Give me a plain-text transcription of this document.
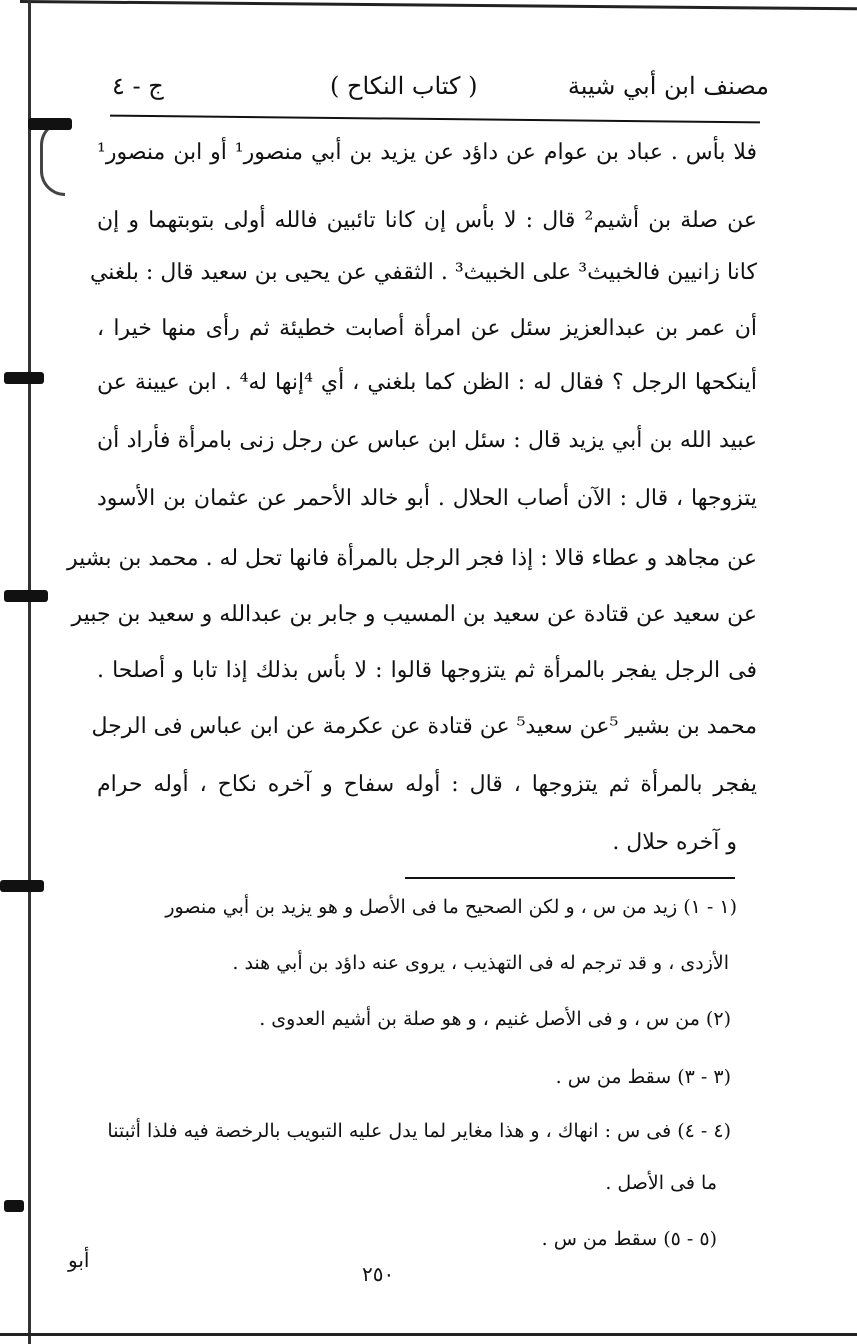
مصنف ابن أبي شيبة
( كتاب النكاح )
ج - ٤
فلا بأس . عباد بن عوام عن داؤد عن يزيد بن أبي منصور¹ أو ابن منصور¹
عن صلة بن أشيم² قال : لا بأس إن كانا تائبين فالله أولى بتوبتهما و إن
كانا زانيين فالخبيث³ على الخبيث³ . الثقفي عن يحيى بن سعيد قال : بلغني
أن عمر بن عبدالعزيز سئل عن امرأة أصابت خطيئة ثم رأى منها خيرا ،
أينكحها الرجل ؟ فقال له : الظن كما بلغني ، أي ⁴إنها له⁴ . ابن عيينة عن
عبيد الله بن أبي يزيد قال : سئل ابن عباس عن رجل زنى بامرأة فأراد أن
يتزوجها ، قال : الآن أصاب الحلال . أبو خالد الأحمر عن عثمان بن الأسود
عن مجاهد و عطاء قالا : إذا فجر الرجل بالمرأة فانها تحل له . محمد بن بشير
عن سعيد عن قتادة عن سعيد بن المسيب و جابر بن عبدالله و سعيد بن جبير
فى الرجل يفجر بالمرأة ثم يتزوجها قالوا : لا بأس بذلك إذا تابا و أصلحا .
محمد بن بشير ⁵عن سعيد⁵ عن قتادة عن عكرمة عن ابن عباس فى الرجل
يفجر بالمرأة ثم يتزوجها ، قال : أوله سفاح و آخره نكاح ، أوله حرام
و آخره حلال .
(١ - ١) زيد من س ، و لكن الصحيح ما فى الأصل و هو يزيد بن أبي منصور
الأزدى ، و قد ترجم له فى التهذيب ، يروى عنه داؤد بن أبي هند .
(٢) من س ، و فى الأصل غنيم ، و هو صلة بن أشيم العدوى .
(٣ - ٣) سقط من س .
(٤ - ٤) فى س : انهاك ، و هذا مغاير لما يدل عليه التبويب بالرخصة فيه فلذا أثبتنا
ما فى الأصل .
(٥ - ٥) سقط من س .
أبو
٢٥٠
